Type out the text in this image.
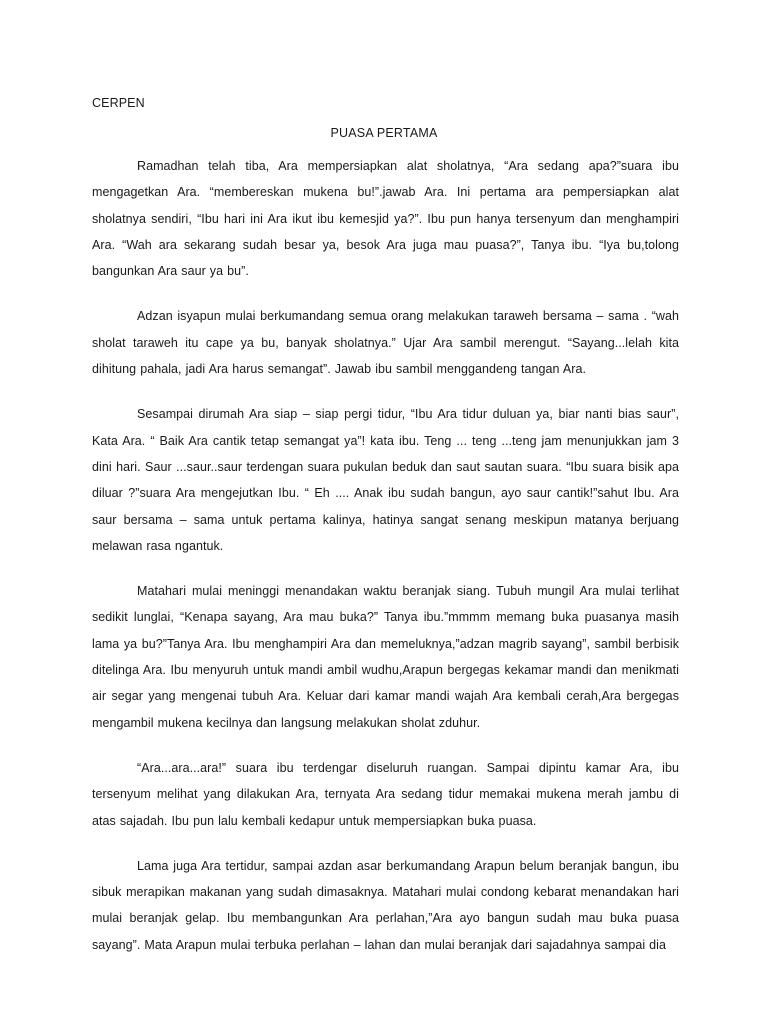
CERPEN
PUASA PERTAMA

Ramadhan telah tiba, Ara mempersiapkan alat sholatnya, “Ara sedang apa?”suara ibu mengagetkan Ara. “membereskan mukena bu!”.jawab Ara. Ini pertama ara pempersiapkan alat sholatnya sendiri, “Ibu hari ini Ara ikut ibu kemesjid ya?”. Ibu pun hanya tersenyum dan menghampiri Ara. “Wah ara sekarang sudah besar ya, besok Ara juga mau puasa?”, Tanya ibu. “Iya bu,tolong bangunkan Ara saur ya bu”.

Adzan isyapun mulai berkumandang semua orang melakukan taraweh bersama – sama . “wah sholat taraweh itu cape ya bu, banyak sholatnya.” Ujar Ara sambil merengut. “Sayang...lelah kita dihitung pahala, jadi Ara harus semangat”. Jawab ibu sambil menggandeng tangan Ara.

Sesampai dirumah Ara siap – siap pergi tidur, “Ibu Ara tidur duluan ya, biar nanti bias saur”, Kata Ara. “ Baik Ara cantik tetap semangat ya”! kata ibu. Teng ... teng ...teng jam menunjukkan jam 3 dini hari. Saur ...saur..saur terdengan suara pukulan beduk dan saut sautan suara. “Ibu suara bisik apa diluar ?”suara Ara mengejutkan Ibu. “ Eh .... Anak ibu sudah bangun, ayo saur cantik!”sahut Ibu. Ara saur bersama – sama untuk pertama kalinya, hatinya sangat senang meskipun matanya berjuang melawan rasa ngantuk.

Matahari mulai meninggi menandakan waktu beranjak siang. Tubuh mungil Ara mulai terlihat sedikit lunglai, “Kenapa sayang, Ara mau buka?” Tanya ibu.”mmmm memang buka puasanya masih lama ya bu?”Tanya Ara. Ibu menghampiri Ara dan memeluknya,”adzan magrib sayang”, sambil berbisik ditelinga Ara. Ibu menyuruh untuk mandi ambil wudhu,Arapun bergegas kekamar mandi dan menikmati air segar yang mengenai tubuh Ara. Keluar dari kamar mandi wajah Ara kembali cerah,Ara bergegas mengambil mukena kecilnya dan langsung melakukan sholat zduhur.

“Ara...ara...ara!” suara ibu terdengar diseluruh ruangan. Sampai dipintu kamar Ara, ibu tersenyum melihat yang dilakukan Ara, ternyata Ara sedang tidur memakai mukena merah jambu di atas sajadah. Ibu pun lalu kembali kedapur untuk mempersiapkan buka puasa.

Lama juga Ara tertidur, sampai azdan asar berkumandang Arapun belum beranjak bangun, ibu sibuk merapikan makanan yang sudah dimasaknya. Matahari mulai condong kebarat menandakan hari mulai beranjak gelap. Ibu membangunkan Ara perlahan,”Ara ayo bangun sudah mau buka puasa sayang”. Mata Arapun mulai terbuka perlahan – lahan dan mulai beranjak dari sajadahnya sampai dia
